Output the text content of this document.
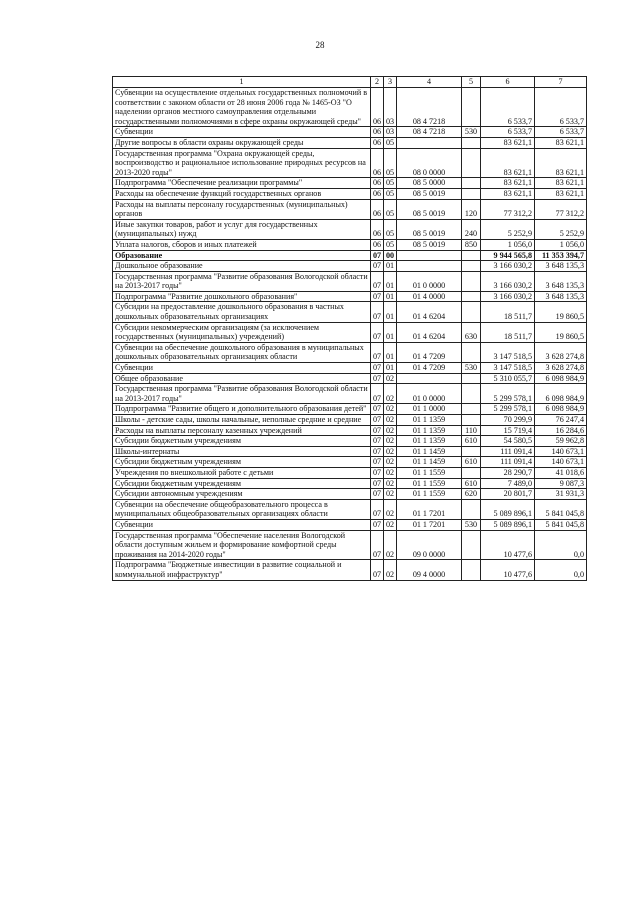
28
1	2	3	4	5	6	7
Субвенции на осуществление отдельных государственных полномочий в соответствии с законом области от 28 июня 2006 года № 1465-ОЗ "О наделении органов местного самоуправления отдельными государственными полномочиями в сфере охраны окружающей среды"	06	03	08 4 7218		6 533,7	6 533,7
Субвенции	06	03	08 4 7218	530	6 533,7	6 533,7
Другие вопросы в области охраны окружающей среды	06	05			83 621,1	83 621,1
Государственная программа "Охрана окружающей среды, воспроизводство и рациональное использование природных ресурсов на 2013-2020 годы"	06	05	08 0 0000		83 621,1	83 621,1
Подпрограмма "Обеспечение реализации программы"	06	05	08 5 0000		83 621,1	83 621,1
Расходы на обеспечение функций государственных органов	06	05	08 5 0019		83 621,1	83 621,1
Расходы на выплаты персоналу государственных (муниципальных) органов	06	05	08 5 0019	120	77 312,2	77 312,2
Иные закупки товаров, работ и услуг для государственных (муниципальных) нужд	06	05	08 5 0019	240	5 252,9	5 252,9
Уплата налогов, сборов и иных платежей	06	05	08 5 0019	850	1 056,0	1 056,0
Образование	07	00			9 944 565,8	11 353 394,7
Дошкольное образование	07	01			3 166 030,2	3 648 135,3
Государственная программа "Развитие образования Вологодской области на 2013-2017 годы"	07	01	01 0 0000		3 166 030,2	3 648 135,3
Подпрограмма "Развитие дошкольного образования"	07	01	01 4 0000		3 166 030,2	3 648 135,3
Субсидии на предоставление дошкольного образования в частных дошкольных образовательных организациях	07	01	01 4 6204		18 511,7	19 860,5
Субсидии некоммерческим организациям (за исключением государственных (муниципальных) учреждений)	07	01	01 4 6204	630	18 511,7	19 860,5
Субвенции на обеспечение дошкольного образования в муниципальных дошкольных образовательных организациях области	07	01	01 4 7209		3 147 518,5	3 628 274,8
Субвенции	07	01	01 4 7209	530	3 147 518,5	3 628 274,8
Общее образование	07	02			5 310 055,7	6 098 984,9
Государственная программа "Развитие образования Вологодской области на 2013-2017 годы"	07	02	01 0 0000		5 299 578,1	6 098 984,9
Подпрограмма "Развитие общего и дополнительного образования детей"	07	02	01 1 0000		5 299 578,1	6 098 984,9
Школы - детские сады, школы начальные, неполные средние и средние	07	02	01 1 1359		70 299,9	76 247,4
Расходы на выплаты персоналу казенных учреждений	07	02	01 1 1359	110	15 719,4	16 284,6
Субсидии бюджетным учреждениям	07	02	01 1 1359	610	54 580,5	59 962,8
Школы-интернаты	07	02	01 1 1459		111 091,4	140 673,1
Субсидии бюджетным учреждениям	07	02	01 1 1459	610	111 091,4	140 673,1
Учреждения по внешкольной работе с детьми	07	02	01 1 1559		28 290,7	41 018,6
Субсидии бюджетным учреждениям	07	02	01 1 1559	610	7 489,0	9 087,3
Субсидии автономным учреждениям	07	02	01 1 1559	620	20 801,7	31 931,3
Субвенции на обеспечение общеобразовательного процесса в муниципальных общеобразовательных организациях области	07	02	01 1 7201		5 089 896,1	5 841 045,8
Субвенции	07	02	01 1 7201	530	5 089 896,1	5 841 045,8
Государственная программа "Обеспечение населения Вологодской области доступным жильем и формирование комфортной среды проживания на 2014-2020 годы"	07	02	09 0 0000		10 477,6	0,0
Подпрограмма "Бюджетные инвестиции в развитие социальной и коммунальной инфраструктур"	07	02	09 4 0000		10 477,6	0,0
